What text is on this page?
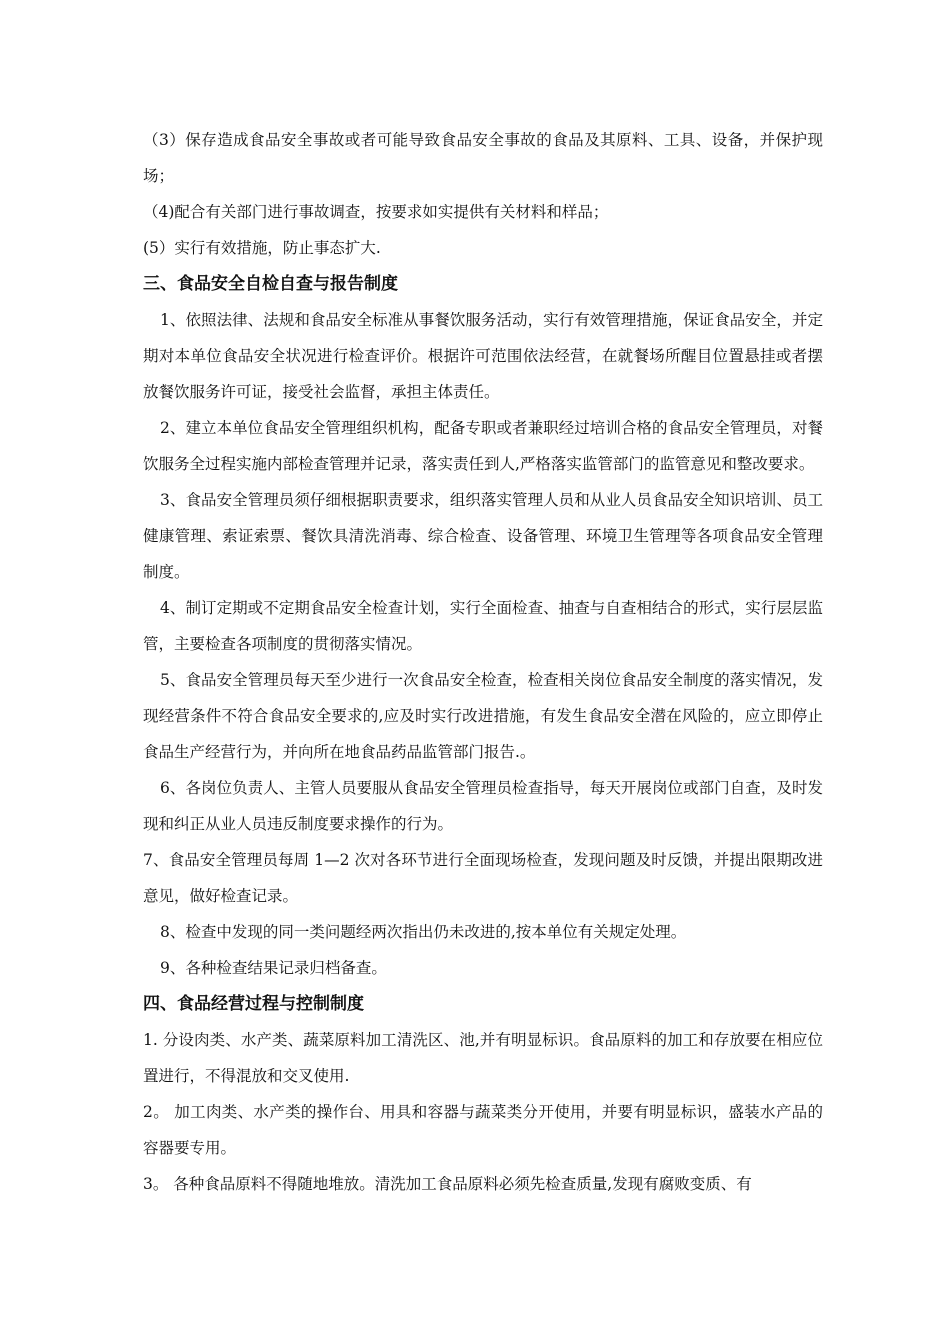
（3）保存造成食品安全事故或者可能导致食品安全事故的食品及其原料、工具、设备，并保护现场；

（4)配合有关部门进行事故调查，按要求如实提供有关材料和样品；

(5）实行有效措施，防止事态扩大.

三、食品安全自检自查与报告制度

1、依照法律、法规和食品安全标准从事餐饮服务活动，实行有效管理措施，保证食品安全，并定期对本单位食品安全状况进行检查评价。根据许可范围依法经营，在就餐场所醒目位置悬挂或者摆放餐饮服务许可证，接受社会监督，承担主体责任。

2、建立本单位食品安全管理组织机构，配备专职或者兼职经过培训合格的食品安全管理员，对餐饮服务全过程实施内部检查管理并记录，落实责任到人,严格落实监管部门的监管意见和整改要求。

3、食品安全管理员须仔细根据职责要求，组织落实管理人员和从业人员食品安全知识培训、员工健康管理、索证索票、餐饮具清洗消毒、综合检查、设备管理、环境卫生管理等各项食品安全管理制度。

4、制订定期或不定期食品安全检查计划，实行全面检查、抽查与自查相结合的形式，实行层层监管，主要检查各项制度的贯彻落实情况。

5、食品安全管理员每天至少进行一次食品安全检查，检查相关岗位食品安全制度的落实情况，发现经营条件不符合食品安全要求的,应及时实行改进措施，有发生食品安全潜在风险的，应立即停止食品生产经营行为，并向所在地食品药品监管部门报告.。

6、各岗位负责人、主管人员要服从食品安全管理员检查指导，每天开展岗位或部门自查，及时发现和纠正从业人员违反制度要求操作的行为。

7、食品安全管理员每周 1—2 次对各环节进行全面现场检查，发现问题及时反馈，并提出限期改进意见，做好检查记录。

8、检查中发现的同一类问题经两次指出仍未改进的,按本单位有关规定处理。

9、各种检查结果记录归档备查。

四、食品经营过程与控制制度

1. 分设肉类、水产类、蔬菜原料加工清洗区、池,并有明显标识。食品原料的加工和存放要在相应位置进行，不得混放和交叉使用.

2。 加工肉类、水产类的操作台、用具和容器与蔬菜类分开使用，并要有明显标识，盛装水产品的容器要专用。

3。 各种食品原料不得随地堆放。清洗加工食品原料必须先检查质量,发现有腐败变质、有
